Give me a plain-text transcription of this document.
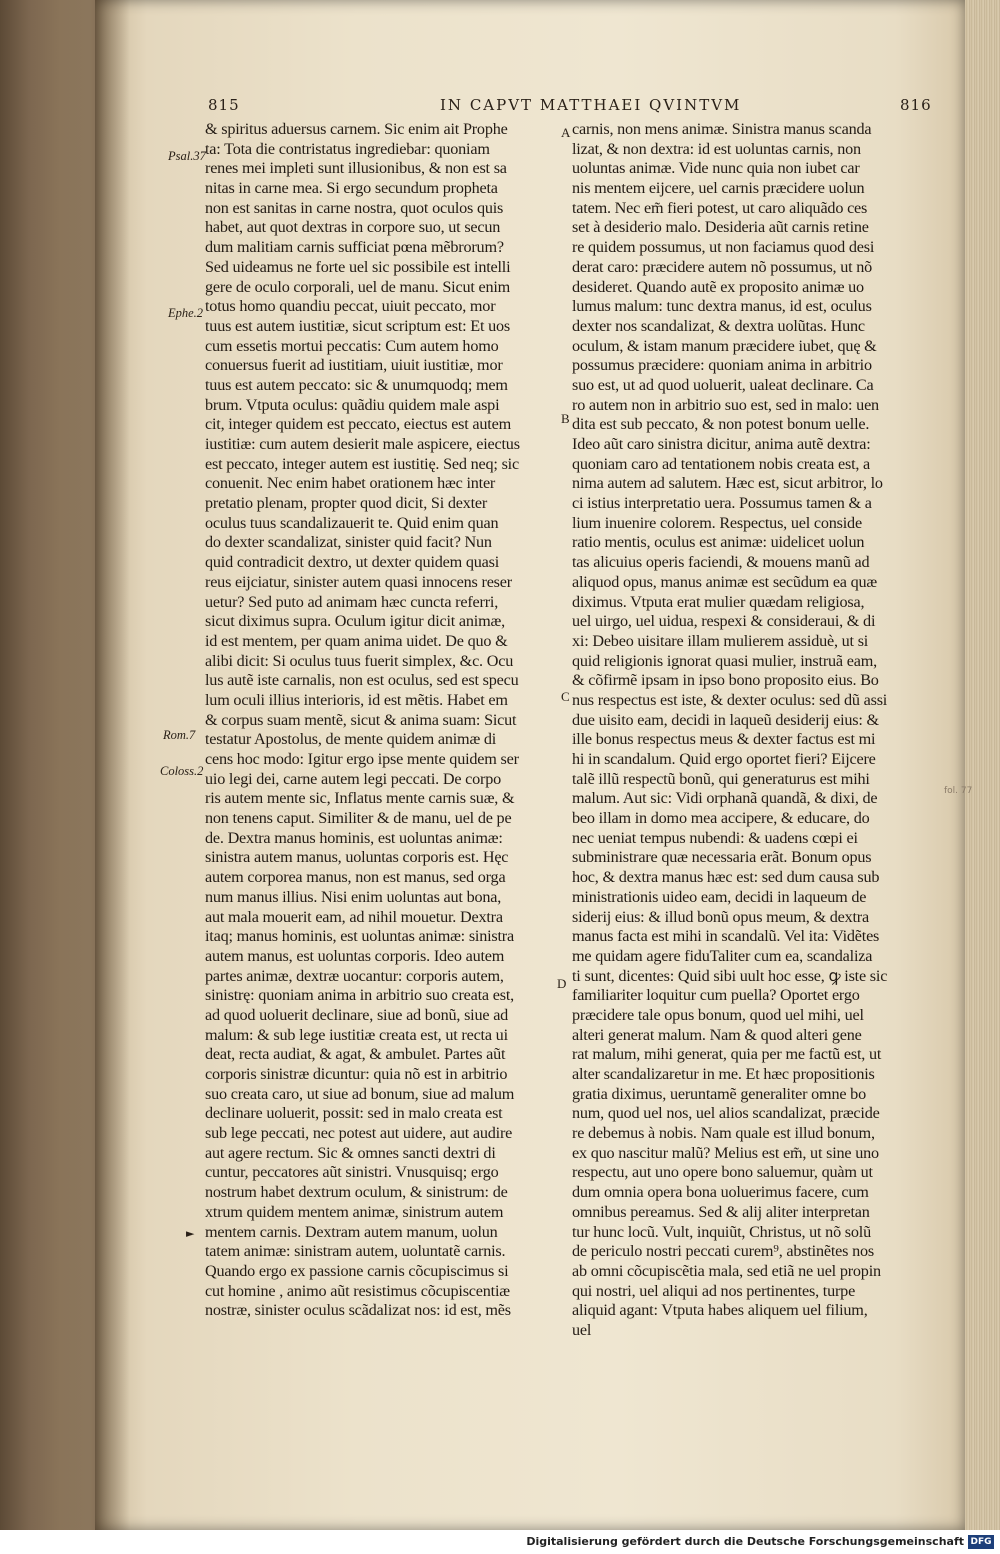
815	IN CAPVT MATTHAEI QVINTVM	816
& spiritus aduersus carnem. Sic enim ait Prophe
ta: Tota die contristatus ingrediebar: quoniam
renes mei impleti sunt illusionibus, & non est sa
nitas in carne mea. Si ergo secundum propheta
non est sanitas in carne nostra, quot oculos quis
habet, aut quot dextras in corpore suo, ut secun
dum malitiam carnis sufficiat pœna mẽbrorum?
Sed uideamus ne forte uel sic possibile est intelli
gere de oculo corporali, uel de manu. Sicut enim
totus homo quandiu peccat, uiuit peccato, mor
tuus est autem iustitiæ, sicut scriptum est: Et uos
cum essetis mortui peccatis: Cum autem homo
conuersus fuerit ad iustitiam, uiuit iustitiæ, mor
tuus est autem peccato: sic & unumquodq; mem
brum. Vtputa oculus: quãdiu quidem male aspi
cit, integer quidem est peccato, eiectus est autem
iustitiæ: cum autem desierit male aspicere, eiectus
est peccato, integer autem est iustitię. Sed neq; sic
conuenit. Nec enim habet orationem hæc inter
pretatio plenam, propter quod dicit, Si dexter
oculus tuus scandalizauerit te. Quid enim quan
do dexter scandalizat, sinister quid facit? Nun
quid contradicit dextro, ut dexter quidem quasi
reus eijciatur, sinister autem quasi innocens reser
uetur? Sed puto ad animam hæc cuncta referri,
sicut diximus supra. Oculum igitur dicit animæ,
id est mentem, per quam anima uidet. De quo &
alibi dicit: Si oculus tuus fuerit simplex, &c. Ocu
lus autẽ iste carnalis, non est oculus, sed est specu
lum oculi illius interioris, id est mẽtis. Habet em
& corpus suam mentẽ, sicut & anima suam: Sicut
testatur Apostolus, de mente quidem animæ di
cens hoc modo: Igitur ergo ipse mente quidem ser
uio legi dei, carne autem legi peccati. De corpo
ris autem mente sic, Inflatus mente carnis suæ, &
non tenens caput. Similiter & de manu, uel de pe
de. Dextra manus hominis, est uoluntas animæ:
sinistra autem manus, uoluntas corporis est. Hęc
autem corporea manus, non est manus, sed orga
num manus illius. Nisi enim uoluntas aut bona,
aut mala mouerit eam, ad nihil mouetur. Dextra
itaq; manus hominis, est uoluntas animæ: sinistra
autem manus, est uoluntas corporis. Ideo autem
partes animæ, dextræ uocantur: corporis autem,
sinistrę: quoniam anima in arbitrio suo creata est,
ad quod uoluerit declinare, siue ad bonũ, siue ad
malum: & sub lege iustitiæ creata est, ut recta ui
deat, recta audiat, & agat, & ambulet. Partes aũt
corporis sinistræ dicuntur: quia nõ est in arbitrio
suo creata caro, ut siue ad bonum, siue ad malum
declinare uoluerit, possit: sed in malo creata est
sub lege peccati, nec potest aut uidere, aut audire
aut agere rectum. Sic & omnes sancti dextri di
cuntur, peccatores aũt sinistri. Vnusquisq; ergo
nostrum habet dextrum oculum, & sinistrum: de
xtrum quidem mentem animæ, sinistrum autem
mentem carnis. Dextram autem manum, uolun
tatem animæ: sinistram autem, uoluntatẽ carnis.
Quando ergo ex passione carnis cõcupiscimus si
cut homine , animo aũt resistimus cõcupiscentiæ
nostræ, sinister oculus scãdalizat nos: id est, mẽs
carnis, non mens animæ. Sinistra manus scanda
lizat, & non dextra: id est uoluntas carnis, non
uoluntas animæ. Vide nunc quia non iubet car
nis mentem eijcere, uel carnis præcidere uolun
tatem. Nec em̃ fieri potest, ut caro aliquãdo ces
set à desiderio malo. Desideria aũt carnis retine
re quidem possumus, ut non faciamus quod desi
derat caro: præcidere autem nõ possumus, ut nõ
desideret. Quando autẽ ex proposito animæ uo
lumus malum: tunc dextra manus, id est, oculus
dexter nos scandalizat, & dextra uolũtas. Hunc
oculum, & istam manum præcidere iubet, quę &
possumus præcidere: quoniam anima in arbitrio
suo est, ut ad quod uoluerit, ualeat declinare. Ca
ro autem non in arbitrio suo est, sed in malo: uen
dita est sub peccato, & non potest bonum uelle.
Ideo aũt caro sinistra dicitur, anima autẽ dextra:
quoniam caro ad tentationem nobis creata est, a
nima autem ad salutem. Hæc est, sicut arbitror, lo
ci istius interpretatio uera. Possumus tamen & a
lium inuenire colorem. Respectus, uel conside
ratio mentis, oculus est animæ: uidelicet uolun
tas alicuius operis faciendi, & mouens manũ ad
aliquod opus, manus animæ est secũdum ea quæ
diximus. Vtputa erat mulier quædam religiosa,
uel uirgo, uel uidua, respexi & consideraui, & di
xi: Debeo uisitare illam mulierem assiduè, ut si
quid religionis ignorat quasi mulier, instruã eam,
& cõfirmẽ ipsam in ipso bono proposito eius. Bo
nus respectus est iste, & dexter oculus: sed dũ assi
due uisito eam, decidi in laqueũ desiderij eius: &
ille bonus respectus meus & dexter factus est mi
hi in scandalum. Quid ergo oportet fieri? Eijcere
talẽ illũ respectũ bonũ, qui generaturus est mihi
malum. Aut sic: Vidi orphanã quandã, & dixi, de
beo illam in domo mea accipere, & educare, do
nec ueniat tempus nubendi: & uadens cœpi ei
subministrare quæ necessaria erãt. Bonum opus
hoc, & dextra manus hæc est: sed dum causa sub
ministrationis uideo eam, decidi in laqueum de
siderij eius: & illud bonũ opus meum, & dextra
manus facta est mihi in scandalũ. Vel ita: Vidẽtes
me quidam agere fiduTaliter cum ea, scandaliza
ti sunt, dicentes: Quid sibi uult hoc esse, ꝙ iste sic
familiariter loquitur cum puella? Oportet ergo
præcidere tale opus bonum, quod uel mihi, uel
alteri generat malum. Nam & quod alteri gene
rat malum, mihi generat, quia per me factũ est, ut
alter scandalizaretur in me. Et hæc propositionis
gratia diximus, ueruntamẽ generaliter omne bo
num, quod uel nos, uel alios scandalizat, præcide
re debemus à nobis. Nam quale est illud bonum,
ex quo nascitur malũ? Melius est em̃, ut sine uno
respectu, aut uno opere bono saluemur, quàm ut
dum omnia opera bona uoluerimus facere, cum
omnibus pereamus. Sed & alij aliter interpretan
tur hunc locũ. Vult, inquiũt, Christus, ut nõ solũ
de periculo nostri peccati curem⁹, abstinẽtes nos
ab omni cõcupiscẽtia mala, sed etiã ne uel propin
qui nostri, uel aliqui ad nos pertinentes, turpe
aliquid agant: Vtputa habes aliquem uel filium,
uel
Psal.37
Ephe.2
Rom.7
Coloss.2
A
B
C
D
►
fol. 77
Digitalisierung gefördert durch die Deutsche Forschungsgemeinschaft DFG
